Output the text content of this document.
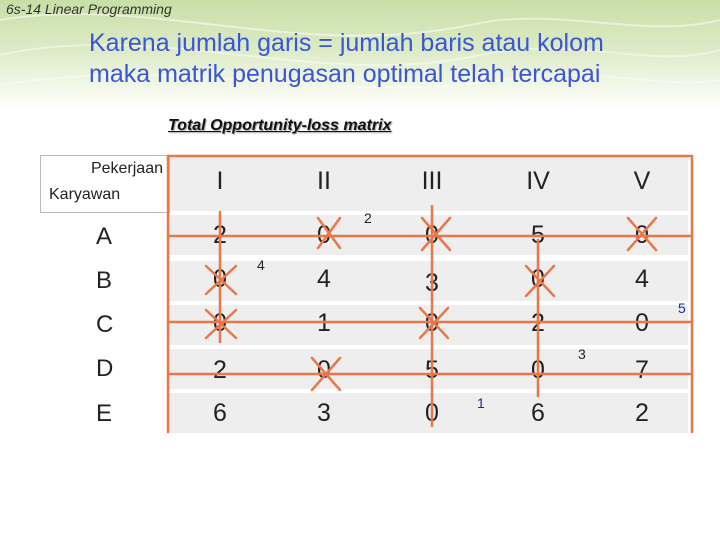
6s-14 Linear Programming
Karena jumlah garis = jumlah baris atau kolom
maka matrik penugasan optimal telah tercapai
Total Opportunity-loss matrix
Pekerjaan
Karyawan	I	II	III	IV	V
A	2	0	0	5	0
B	0	4	3	0	4
C	0	1	0	2	0
D	2	0	5	0	7
E	6	3	0	6	2
1
2
3
4
5
